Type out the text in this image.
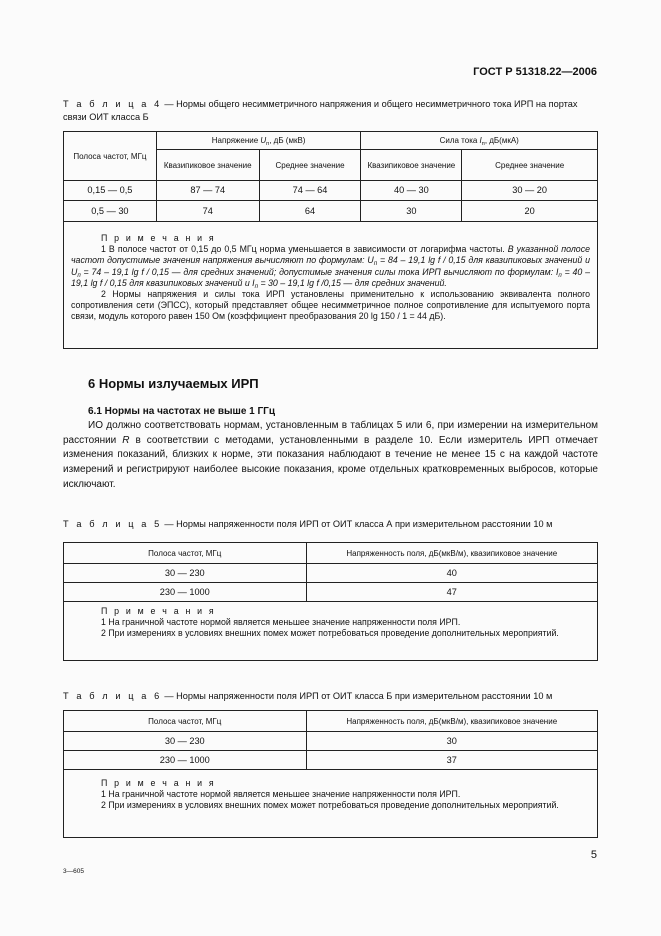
ГОСТ Р 51318.22—2006
Т а б л и ц а 4 — Нормы общего несимметричного напряжения и общего несимметричного тока ИРП на портах связи ОИТ класса Б
Полоса частот, МГц	Напряжение $U_п$, дБ (мкВ)		Сила тока $I_п$, дБ(мкА)	
	Квазипиковое значение	Среднее значение	Квазипиковое значение	Среднее значение
0,15 — 0,5	87 — 74	74 — 64	40 — 30	30 — 20
0,5 — 30	74	64	30	20

П р и м е ч а н и я

1 В полосе частот от 0,15 до 0,5 МГц норма уменьшается в зависимости от логарифма частоты. В указанной полосе частот допустимые значения напряжения вычисляют по формулам: $U_п = 84 - 19,1$ lg f / 0,15 для квазипиковых значений и $U_п = 74 - 19,1$ lg f / 0,15 — для средних значений; допустимые значения силы тока ИРП вычисляют по формулам: $I_п = 40 - 19,1$ lg f / 0,15 для квазипиковых значений и $I_п = 30 - 19,1$ lg f /0,15 — для средних значений.

2 Нормы напряжения и силы тока ИРП установлены применительно к использованию эквивалента полного сопротивления сети (ЭПСС), который представляет общее несимметричное полное сопротивление для испытуемого порта связи, модуль которого равен 150 Ом (коэффициент преобразования 20 lg 150 / 1 = 44 дБ).

6 Нормы излучаемых ИРП
6.1 Нормы на частотах не выше 1 ГГц

ИО должно соответствовать нормам, установленным в таблицах 5 или 6, при измерении на измерительном расстоянии R в соответствии с методами, установленными в разделе 10. Если измеритель ИРП отмечает изменения показаний, близких к норме, эти показания наблюдают в течение не менее 15 с на каждой частоте измерений и регистрируют наиболее высокие показания, кроме отдельных кратковременных выбросов, которые исключают.

Т а б л и ц а 5 — Нормы напряженности поля ИРП от ОИТ класса А при измерительном расстоянии 10 м
Полоса частот, МГц	Напряженность поля, дБ(мкВ/м), квазипиковое значение
30 — 230	40
230 — 1000	47

П р и м е ч а н и я

1 На граничной частоте нормой является меньшее значение напряженности поля ИРП.

2 При измерениях в условиях внешних помех может потребоваться проведение дополнительных мероприятий.

Т а б л и ц а 6 — Нормы напряженности поля ИРП от ОИТ класса Б при измерительном расстоянии 10 м
Полоса частот, МГц	Напряженность поля, дБ(мкВ/м), квазипиковое значение
30 — 230	30
230 — 1000	37

П р и м е ч а н и я

1 На граничной частоте нормой является меньшее значение напряженности поля ИРП.

2 При измерениях в условиях внешних помех может потребоваться проведение дополнительных мероприятий.

3—605
5
